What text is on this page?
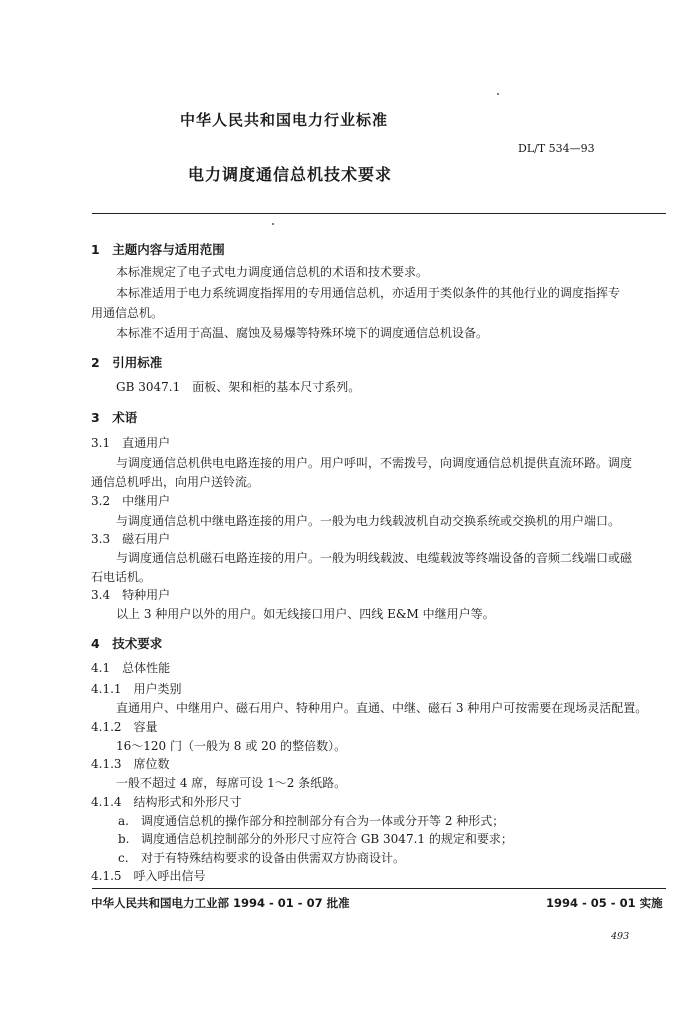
中华人民共和国电力行业标准
DL/T 534—93
电力调度通信总机技术要求
1　主题内容与适用范围
本标准规定了电子式电力调度通信总机的术语和技术要求。
本标准适用于电力系统调度指挥用的专用通信总机，亦适用于类似条件的其他行业的调度指挥专
用通信总机。
本标准不适用于高温、腐蚀及易爆等特殊环境下的调度通信总机设备。
2　引用标准
GB 3047.1　面板、架和柜的基本尺寸系列。
3　术语
3.1　直通用户
与调度通信总机供电电路连接的用户。用户呼叫，不需拨号，向调度通信总机提供直流环路。调度
通信总机呼出，向用户送铃流。
3.2　中继用户
与调度通信总机中继电路连接的用户。一般为电力线载波机自动交换系统或交换机的用户端口。
3.3　磁石用户
与调度通信总机磁石电路连接的用户。一般为明线载波、电缆载波等终端设备的音频二线端口或磁
石电话机。
3.4　特种用户
以上 3 种用户以外的用户。如无线接口用户、四线 E&M 中继用户等。
4　技术要求
4.1　总体性能
4.1.1　用户类别
直通用户、中继用户、磁石用户、特种用户。直通、中继、磁石 3 种用户可按需要在现场灵活配置。
4.1.2　容量
16～120 门（一般为 8 或 20 的整倍数）。
4.1.3　席位数
一般不超过 4 席，每席可设 1～2 条纸路。
4.1.4　结构形式和外形尺寸
a. 调度通信总机的操作部分和控制部分有合为一体或分开等 2 种形式；
b. 调度通信总机控制部分的外形尺寸应符合 GB 3047.1 的规定和要求；
c. 对于有特殊结构要求的设备由供需双方协商设计。
4.1.5　呼入呼出信号
中华人民共和国电力工业部 1994 - 01 - 07 批准	1994 - 05 - 01 实施
493
